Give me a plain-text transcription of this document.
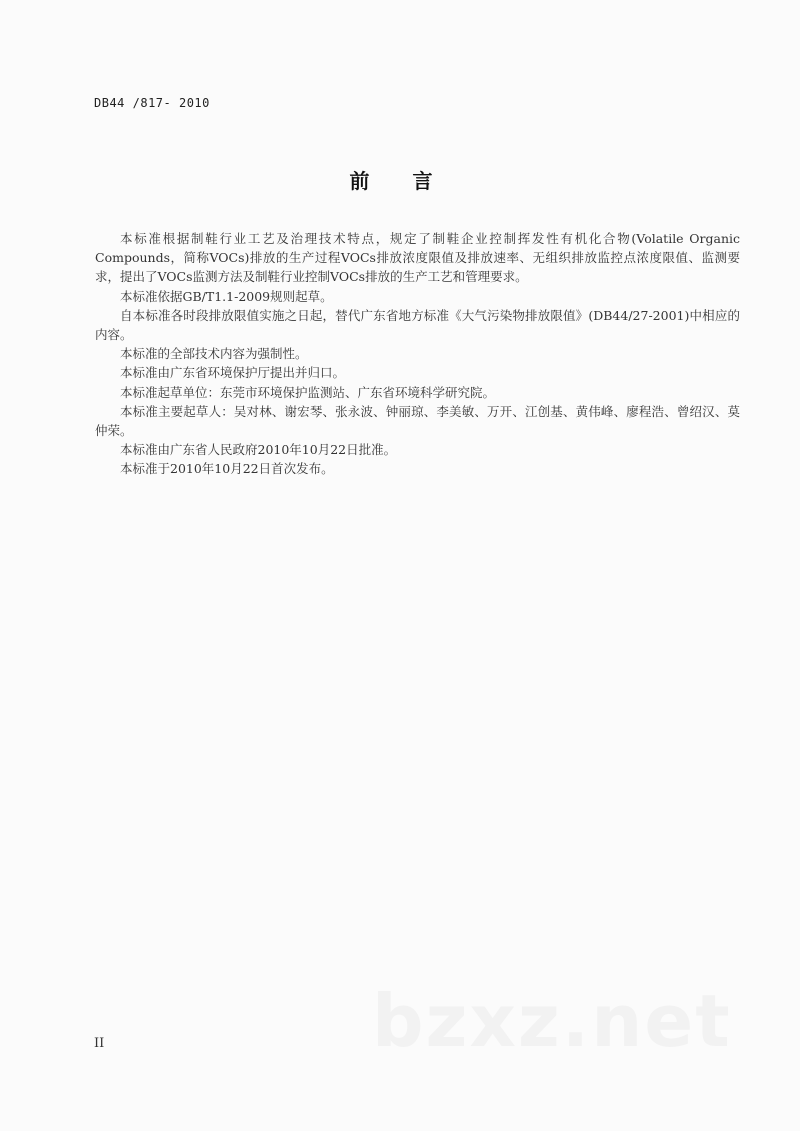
DB44 /817- 2010
前 言

本标准根据制鞋行业工艺及治理技术特点，规定了制鞋企业控制挥发性有机化合物(Volatile Organic Compounds，简称VOCs)排放的生产过程VOCs排放浓度限值及排放速率、无组织排放监控点浓度限值、监测要求，提出了VOCs监测方法及制鞋行业控制VOCs排放的生产工艺和管理要求。

本标准依据GB/T1.1-2009规则起草。

自本标准各时段排放限值实施之日起，替代广东省地方标准《大气污染物排放限值》(DB44/27-2001)中相应的内容。

本标准的全部技术内容为强制性。

本标准由广东省环境保护厅提出并归口。

本标准起草单位：东莞市环境保护监测站、广东省环境科学研究院。

本标准主要起草人：吴对林、谢宏琴、张永波、钟丽琼、李美敏、万开、江创基、黄伟峰、廖程浩、曾绍汉、莫仲荣。

本标准由广东省人民政府2010年10月22日批准。

本标准于2010年10月22日首次发布。

II	bzxz.net
